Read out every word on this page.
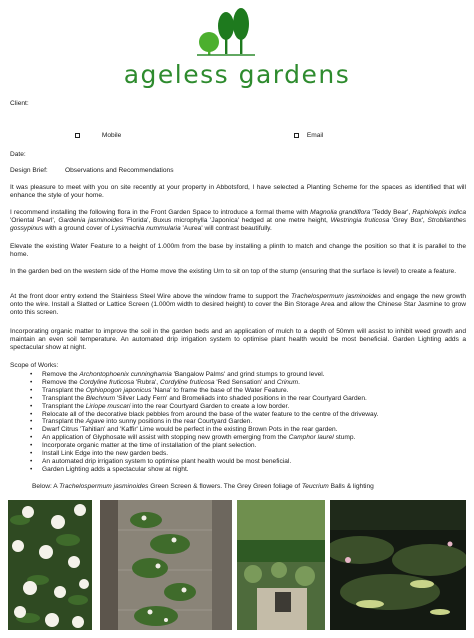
ageless gardens
Client:
Mobile	Email
Date:
Design Brief:	Observations and Recommendations
It was pleasure to meet with you on site recently at your property in Abbotsford, I have selected a Planting Scheme for the spaces as identified that will enhance the style of your home.
I recommend installing the following flora in the Front Garden Space to introduce a formal theme with Magnolia grandiflora 'Teddy Bear', Raphiolepis indica 'Oriental Pearl', Gardenia jasminoides 'Florida', Buxus microphylla 'Japonica' hedged at one metre height, Westringia fruticosa 'Grey Box', Strobilanthes gossypinus with a ground cover of Lysimachia nummularia 'Aurea' will contrast beautifully.
Elevate the existing Water Feature to a height of 1.000m from the base by installing a plinth to match and change the position so that it is parallel to the home.
In the garden bed on the western side of the Home move the existing Urn to sit on top of the stump (ensuring that the surface is level) to create a feature.
At the front door entry extend the Stainless Steel Wire above the window frame to support the Trachelospermum jasminoides and engage the new growth onto the wire. Install a Slatted or Lattice Screen (1.000m width to desired height) to cover the Bin Storage Area and allow the Chinese Star Jasmine to grow onto this screen.
Incorporating organic matter to improve the soil in the garden beds and an application of mulch to a depth of 50mm will assist to inhibit weed growth and maintain an even soil temperature. An automated drip irrigation system to optimise plant health would be most beneficial. Garden Lighting adds a spectacular show at night.
Scope of Works:
• Remove the Archontophoenix cunninghamia 'Bangalow Palms' and grind stumps to ground level.
• Remove the Cordyline fruticosa 'Rubra', Cordyline fruticosa 'Red Sensation' and Crinum.
• Transplant the Ophiopogon japonicus 'Nana' to frame the base of the Water Feature.
• Transplant the Blechnum 'Silver Lady Fern' and Bromeliads into shaded positions in the rear Courtyard Garden.
• Transplant the Liriope muscari into the rear Courtyard Garden to create a low border.
• Relocate all of the decorative black pebbles from around the base of the water feature to the centre of the driveway.
• Transplant the Agave into sunny positions in the rear Courtyard Garden.
• Dwarf Citrus 'Tahitian' and 'Kaffir' Lime would be perfect in the existing Brown Pots in the rear garden.
• An application of Glyphosate will assist with stopping new growth emerging from the Camphor laurel stump.
• Incorporate organic matter at the time of installation of the plant selection.
• Install Link Edge into the new garden beds.
• An automated drip irrigation system to optimise plant health would be most beneficial.
• Garden Lighting adds a spectacular show at night.
Below: A Trachelospermum jasminoides Green Screen & flowers. The Grey Green foliage of Teucrium Balls & lighting
